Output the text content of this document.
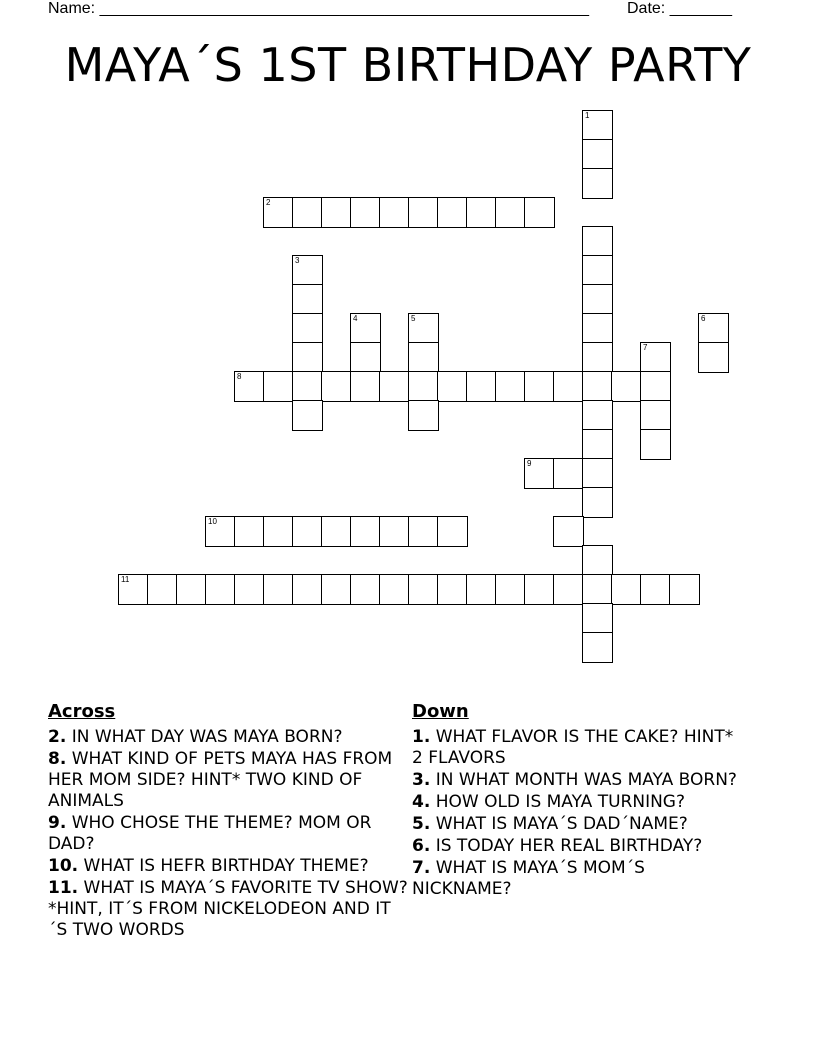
Name: _______________________________________________________ Date: _______
MAYA´S 1ST BIRTHDAY PARTY
1
2
3
4	5	6
7
8
9
10
11
Across
2. IN WHAT DAY WAS MAYA BORN?
8. WHAT KIND OF PETS MAYA HAS FROM HER MOM SIDE? HINT* TWO KIND OF ANIMALS
9. WHO CHOSE THE THEME? MOM OR DAD?
10. WHAT IS HEFR BIRTHDAY THEME?
11. WHAT IS MAYA´S FAVORITE TV SHOW? *HINT, IT´S FROM NICKELODEON AND IT´S TWO WORDS
Down
1. WHAT FLAVOR IS THE CAKE? HINT* 2 FLAVORS
3. IN WHAT MONTH WAS MAYA BORN?
4. HOW OLD IS MAYA TURNING?
5. WHAT IS MAYA´S DAD´NAME?
6. IS TODAY HER REAL BIRTHDAY?
7. WHAT IS MAYA´S MOM´S NICKNAME?
